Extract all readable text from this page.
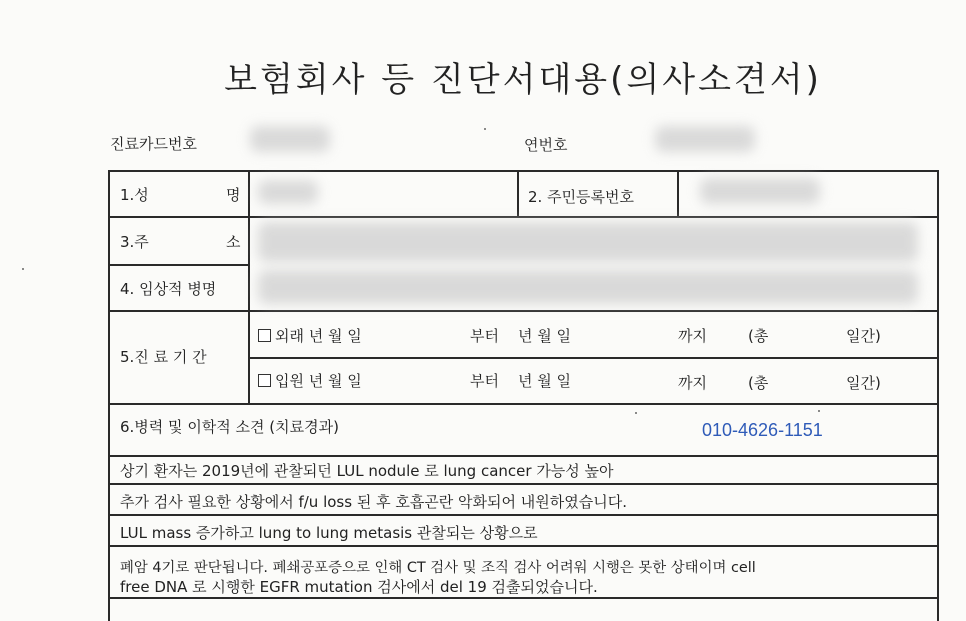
보험회사 등 진단서대용(의사소견서)
진료카드번호	연번호
1.성	명	2. 주민등록번호
3.주	소
4. 임상적 병명
5.진 료 기 간
외래 년 월 일	부터 년 월 일	까지	(총	일간)
입원 년 월 일	부터 년 월 일	까지	(총	일간)
6.병력 및 이학적 소견 (치료경과)	010-4626-1151
상기 환자는 2019년에 관찰되던 LUL nodule 로 lung cancer 가능성 높아
추가 검사 필요한 상황에서 f/u loss 된 후 호흡곤란 악화되어 내원하였습니다.
LUL mass 증가하고 lung to lung metasis 관찰되는 상황으로
폐암 4기로 판단됩니다. 폐쇄공포증으로 인해 CT 검사 및 조직 검사 어려워 시행은 못한 상태이며 cell
free DNA 로 시행한 EGFR mutation 검사에서 del 19 검출되었습니다.
